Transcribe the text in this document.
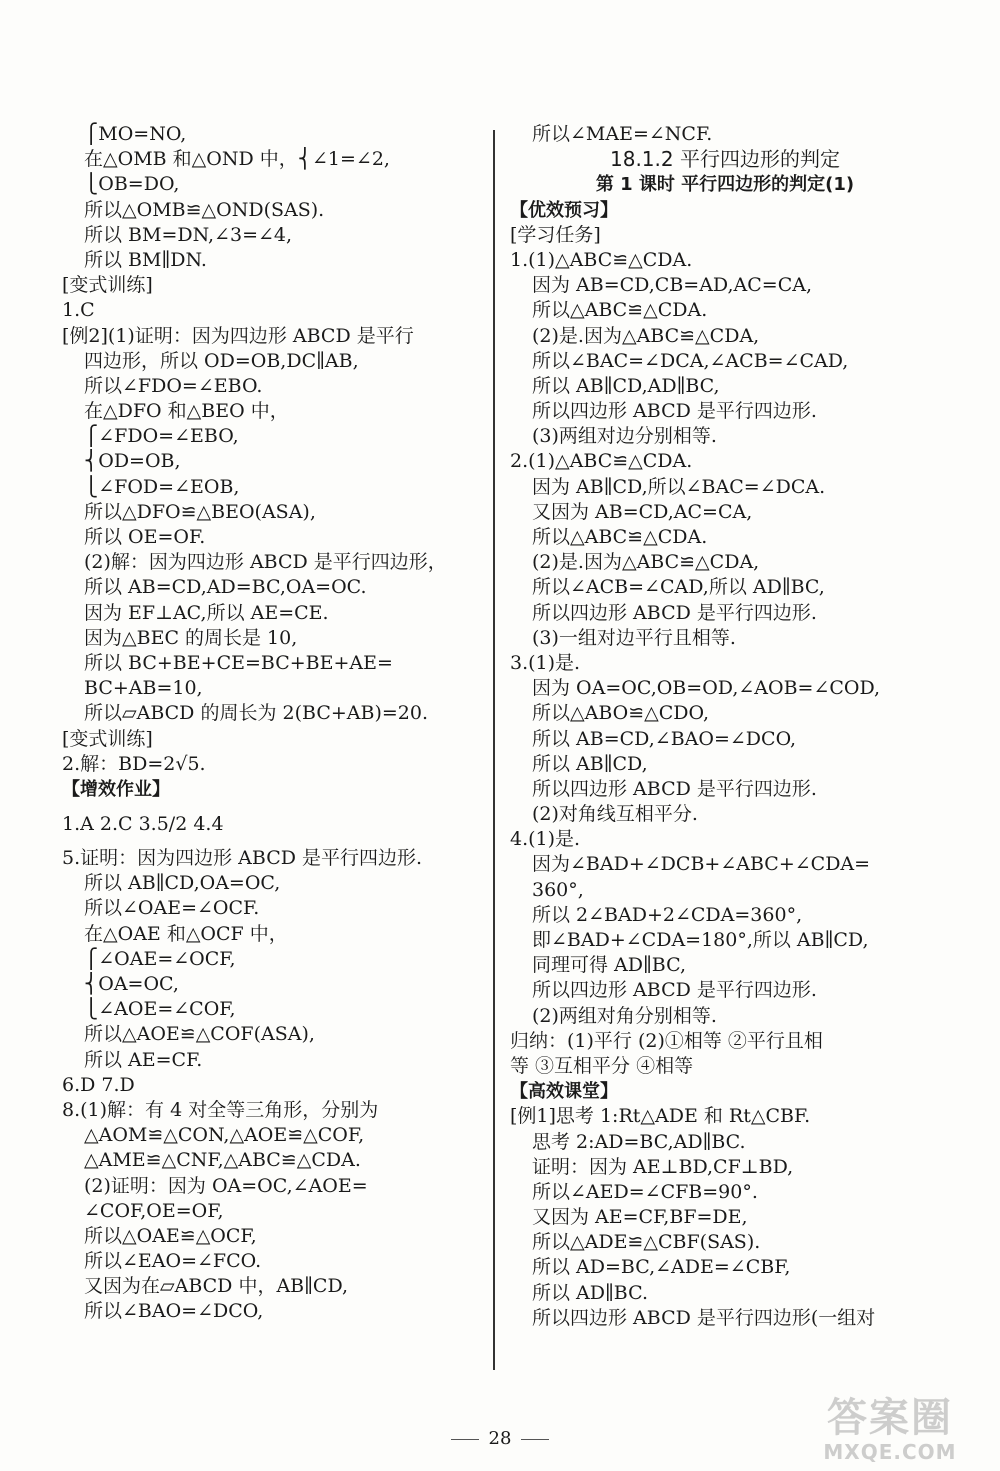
⎧MO=NO,
在△OMB 和△OND 中，⎨∠1=∠2,
⎩OB=DO,
所以△OMB≌△OND(SAS).
所以 BM=DN,∠3=∠4,
所以 BM∥DN.
[变式训练]
1.C
[例2](1)证明：因为四边形 ABCD 是平行
四边形，所以 OD=OB,DC∥AB,
所以∠FDO=∠EBO.
在△DFO 和△BEO 中，
⎧∠FDO=∠EBO,
⎨OD=OB,
⎩∠FOD=∠EOB,
所以△DFO≌△BEO(ASA),
所以 OE=OF.
(2)解：因为四边形 ABCD 是平行四边形，
所以 AB=CD,AD=BC,OA=OC.
因为 EF⊥AC,所以 AE=CE.
因为△BEC 的周长是 10,
所以 BC+BE+CE=BC+BE+AE=
BC+AB=10,
所以▱ABCD 的周长为 2(BC+AB)=20.
[变式训练]
2.解：BD=2√5.
【增效作业】
1.A 2.C 3.5/2 4.4
5.证明：因为四边形 ABCD 是平行四边形.
所以 AB∥CD,OA=OC,
所以∠OAE=∠OCF.
在△OAE 和△OCF 中，
⎧∠OAE=∠OCF,
⎨OA=OC,
⎩∠AOE=∠COF,
所以△AOE≌△COF(ASA),
所以 AE=CF.
6.D 7.D
8.(1)解：有 4 对全等三角形，分别为
△AOM≌△CON,△AOE≌△COF,
△AME≌△CNF,△ABC≌△CDA.
(2)证明：因为 OA=OC,∠AOE=
∠COF,OE=OF,
所以△OAE≌△OCF,
所以∠EAO=∠FCO.
又因为在▱ABCD 中，AB∥CD,
所以∠BAO=∠DCO,
所以∠MAE=∠NCF.
18.1.2 平行四边形的判定
第 1 课时 平行四边形的判定(1)
【优效预习】
[学习任务]
1.(1)△ABC≌△CDA.
因为 AB=CD,CB=AD,AC=CA,
所以△ABC≌△CDA.
(2)是.因为△ABC≌△CDA,
所以∠BAC=∠DCA,∠ACB=∠CAD,
所以 AB∥CD,AD∥BC,
所以四边形 ABCD 是平行四边形.
(3)两组对边分别相等.
2.(1)△ABC≌△CDA.
因为 AB∥CD,所以∠BAC=∠DCA.
又因为 AB=CD,AC=CA,
所以△ABC≌△CDA.
(2)是.因为△ABC≌△CDA,
所以∠ACB=∠CAD,所以 AD∥BC,
所以四边形 ABCD 是平行四边形.
(3)一组对边平行且相等.
3.(1)是.
因为 OA=OC,OB=OD,∠AOB=∠COD,
所以△ABO≌△CDO,
所以 AB=CD,∠BAO=∠DCO,
所以 AB∥CD,
所以四边形 ABCD 是平行四边形.
(2)对角线互相平分.
4.(1)是.
因为∠BAD+∠DCB+∠ABC+∠CDA=
360°,
所以 2∠BAD+2∠CDA=360°,
即∠BAD+∠CDA=180°,所以 AB∥CD,
同理可得 AD∥BC,
所以四边形 ABCD 是平行四边形.
(2)两组对角分别相等.
归纳：(1)平行 (2)①相等 ②平行且相
等 ③互相平分 ④相等
【高效课堂】
[例1]思考 1:Rt△ADE 和 Rt△CBF.
思考 2:AD=BC,AD∥BC.
证明：因为 AE⊥BD,CF⊥BD,
所以∠AED=∠CFB=90°.
又因为 AE=CF,BF=DE,
所以△ADE≌△CBF(SAS).
所以 AD=BC,∠ADE=∠CBF,
所以 AD∥BC.
所以四边形 ABCD 是平行四边形(一组对
28	答案圈
MXQE.COM
